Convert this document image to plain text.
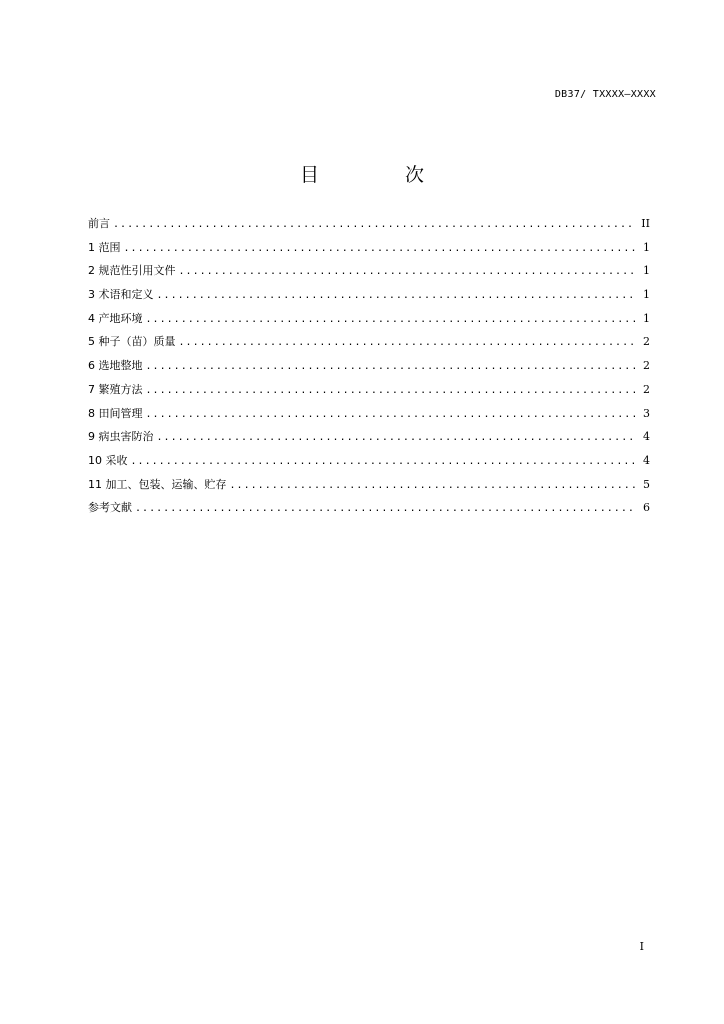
DB37/ TXXXX—XXXX
目 次
前言 . . .	II
1 范围 . . .	1
2 规范性引用文件 . . .	1
3 术语和定义 . . .	1
4 产地环境 . . .	1
5 种子（苗）质量 . . .	2
6 选地整地 . . .	2
7 繁殖方法 . . .	2
8 田间管理 . . .	3
9 病虫害防治 . . .	4
10 采收 . . .	4
11 加工、包装、运输、贮存 . . .	5
参考文献 . . .	6
I
